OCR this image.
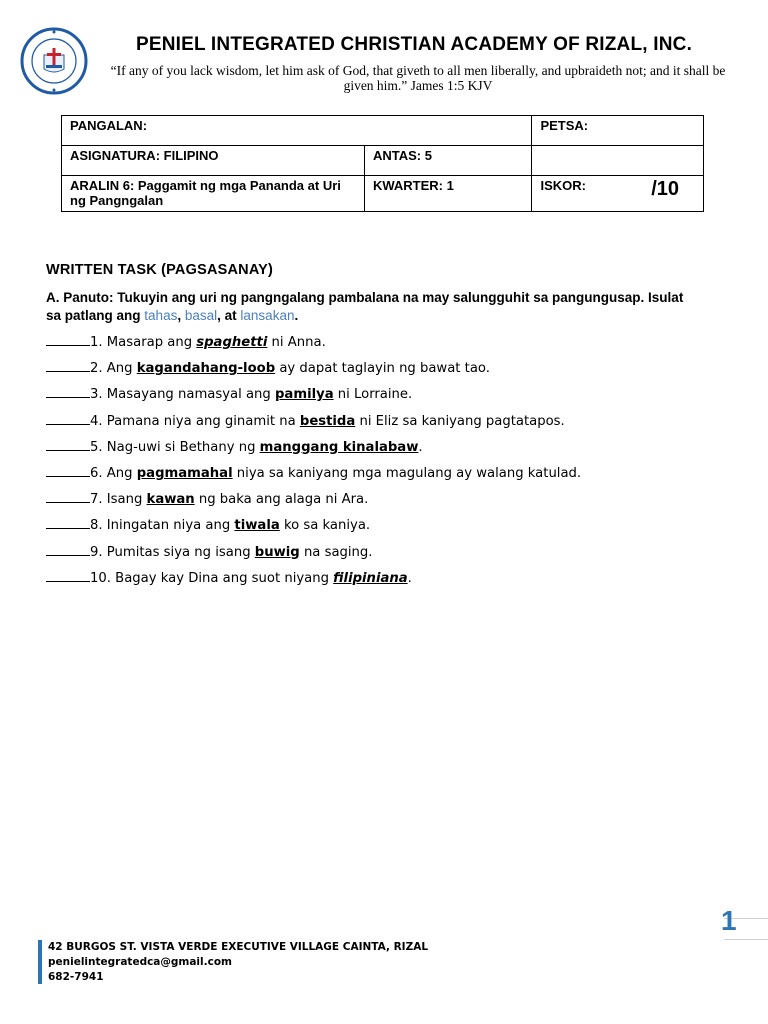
PENIEL INTEGRATED CHRISTIAN ACADEMY OF RIZAL, INC.
“If any of you lack wisdom, let him ask of God, that giveth to all men liberally, and upbraideth not; and it shall be given him.” James 1:5 KJV
PANGALAN:		PETSA:
ASIGNATURA: FILIPINO	ANTAS: 5	
ARALIN 6: Paggamit ng mga Pananda at Uri ng Pangngalan	KWARTER: 1	ISKOR: /10
WRITTEN TASK (PAGSASANAY)
A. Panuto: Tukuyin ang uri ng pangngalang pambalana na may salungguhit sa pangungusap. Isulat sa patlang ang tahas, basal, at lansakan.
1. Masarap ang spaghetti ni Anna.
2. Ang kagandahang-loob ay dapat taglayin ng bawat tao.
3. Masayang namasyal ang pamilya ni Lorraine.
4. Pamana niya ang ginamit na bestida ni Eliz sa kaniyang pagtatapos.
5. Nag-uwi si Bethany ng manggang kinalabaw.
6. Ang pagmamahal niya sa kaniyang mga magulang ay walang katulad.
7. Isang kawan ng baka ang alaga ni Ara.
8. Iningatan niya ang tiwala ko sa kaniya.
9. Pumitas siya ng isang buwig na saging.
10. Bagay kay Dina ang suot niyang filipiniana.
1
42 BURGOS ST. VISTA VERDE EXECUTIVE VILLAGE CAINTA, RIZAL
penielintegratedca@gmail.com
682-7941
